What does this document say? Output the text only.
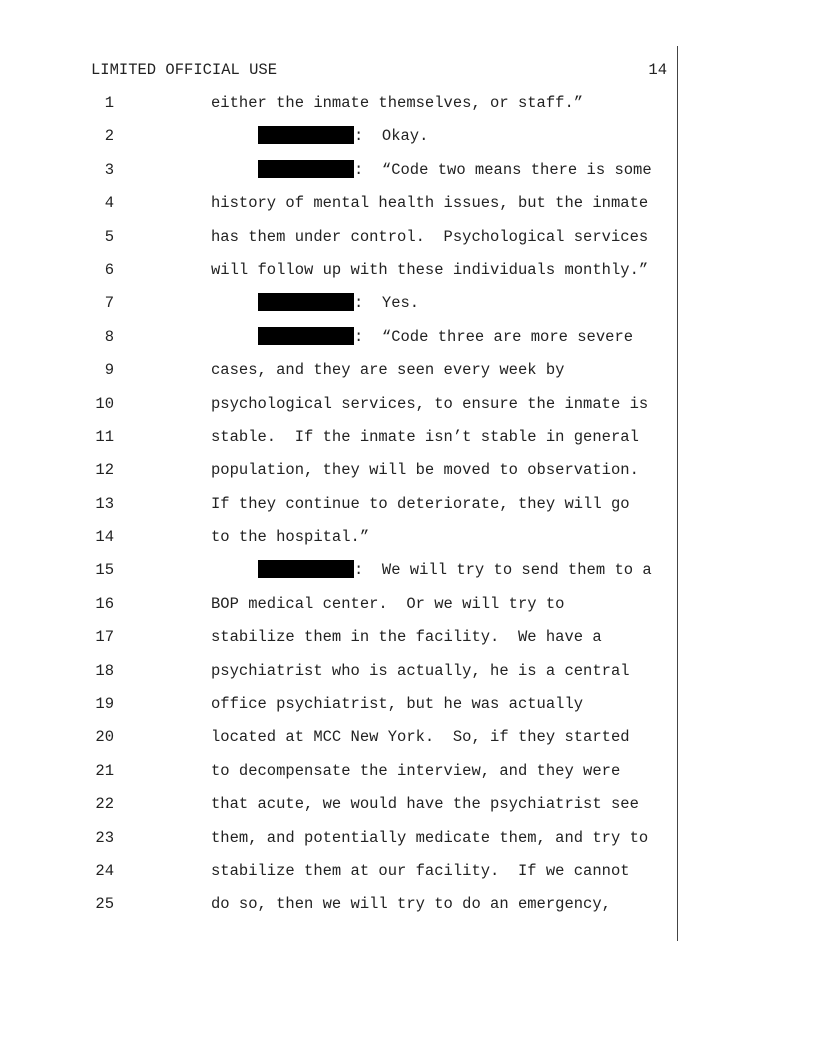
LIMITED OFFICIAL USE	14
1	either the inmate themselves, or staff.”
2	:  Okay.
3	:  “Code two means there is some
4	history of mental health issues, but the inmate
5	has them under control.  Psychological services
6	will follow up with these individuals monthly.”
7	:  Yes.
8	:  “Code three are more severe
9	cases, and they are seen every week by
10	psychological services, to ensure the inmate is
11	stable.  If the inmate isn’t stable in general
12	population, they will be moved to observation.
13	If they continue to deteriorate, they will go
14	to the hospital.”
15	:  We will try to send them to a
16	BOP medical center.  Or we will try to
17	stabilize them in the facility.  We have a
18	psychiatrist who is actually, he is a central
19	office psychiatrist, but he was actually
20	located at MCC New York.  So, if they started
21	to decompensate the interview, and they were
22	that acute, we would have the psychiatrist see
23	them, and potentially medicate them, and try to
24	stabilize them at our facility.  If we cannot
25	do so, then we will try to do an emergency,
